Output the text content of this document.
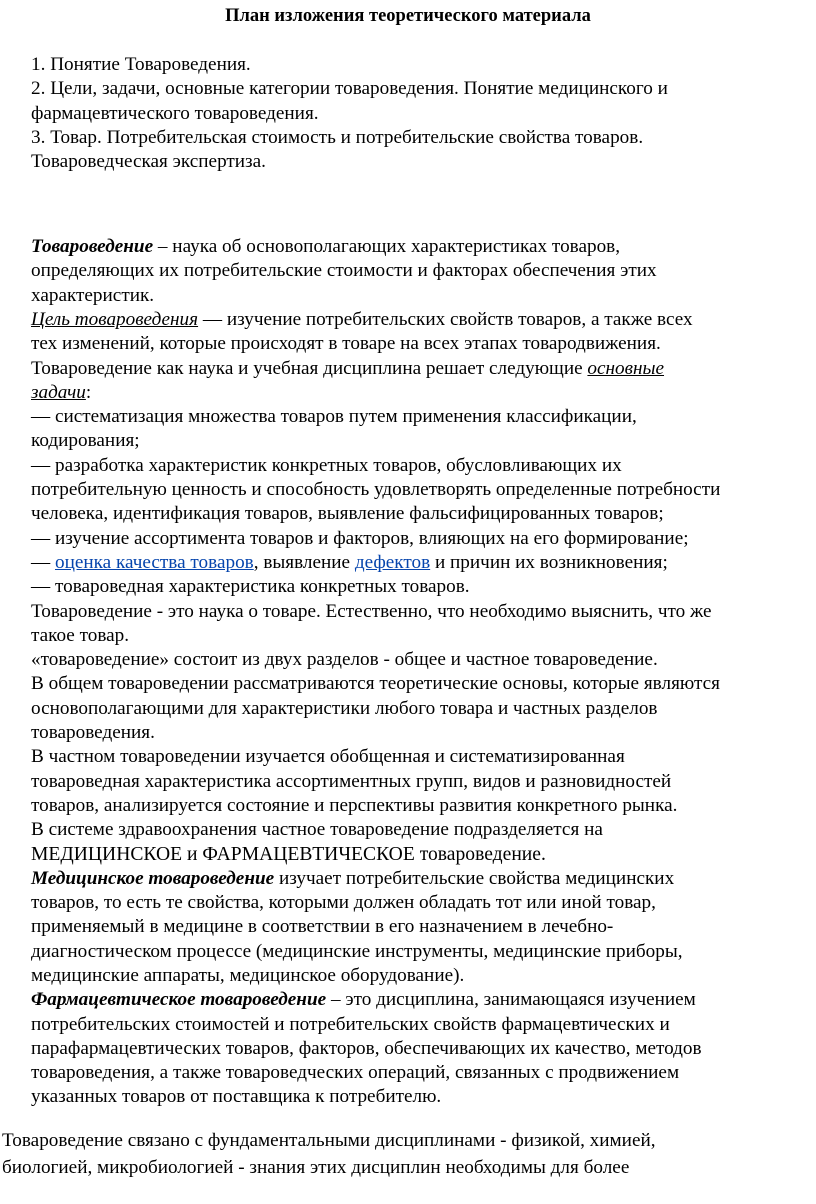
План изложения теоретического материала
1. Понятие Товароведения.
2. Цели, задачи, основные категории товароведения. Понятие медицинского и
фармацевтического товароведения.
3. Товар. Потребительская стоимость и потребительские свойства товаров.
Товароведческая экспертиза.
Товароведение – наука об основополагающих характеристиках товаров,
определяющих их потребительские стоимости и факторах обеспечения этих
характеристик.
Цель товароведения — изучение потребительских свойств товаров, а также всех
тех изменений, которые происходят в товаре на всех этапах товародвижения.
Товароведение как наука и учебная дисциплина решает следующие основные
задачи:
— систематизация множества товаров путем применения классификации,
кодирования;
— разработка характеристик конкретных товаров, обусловливающих их
потребительную ценность и способность удовлетворять определенные потребности
человека, идентификация товаров, выявление фальсифицированных товаров;
— изучение ассортимента товаров и факторов, влияющих на его формирование;
— оценка качества товаров, выявление дефектов и причин их возникновения;
— товароведная характеристика конкретных товаров.
Товароведение - это наука о товаре. Естественно, что необходимо выяснить, что же
такое товар.
«товароведение» состоит из двух разделов - общее и частное товароведение.
В общем товароведении рассматриваются теоретические основы, которые являются
основополагающими для характеристики любого товара и частных разделов
товароведения.
В частном товароведении изучается обобщенная и систематизированная
товароведная характеристика ассортиментных групп, видов и разновидностей
товаров, анализируется состояние и перспективы развития конкретного рынка.
В системе здравоохранения частное товароведение подразделяется на
МЕДИЦИНСКОЕ и ФАРМАЦЕВТИЧЕСКОЕ товароведение.
Медицинское товароведение изучает потребительские свойства медицинских
товаров, то есть те свойства, которыми должен обладать тот или иной товар,
применяемый в медицине в соответствии в его назначением в лечебно-
диагностическом процессе (медицинские инструменты, медицинские приборы,
медицинские аппараты, медицинское оборудование).
Фармацевтическое товароведение – это дисциплина, занимающаяся изучением
потребительских стоимостей и потребительских свойств фармацевтических и
парафармацевтических товаров, факторов, обеспечивающих их качество, методов
товароведения, а также товароведческих операций, связанных с продвижением
указанных товаров от поставщика к потребителю.
Товароведение связано с фундаментальными дисциплинами - физикой, химией,
биологией, микробиологией - знания этих дисциплин необходимы для более
